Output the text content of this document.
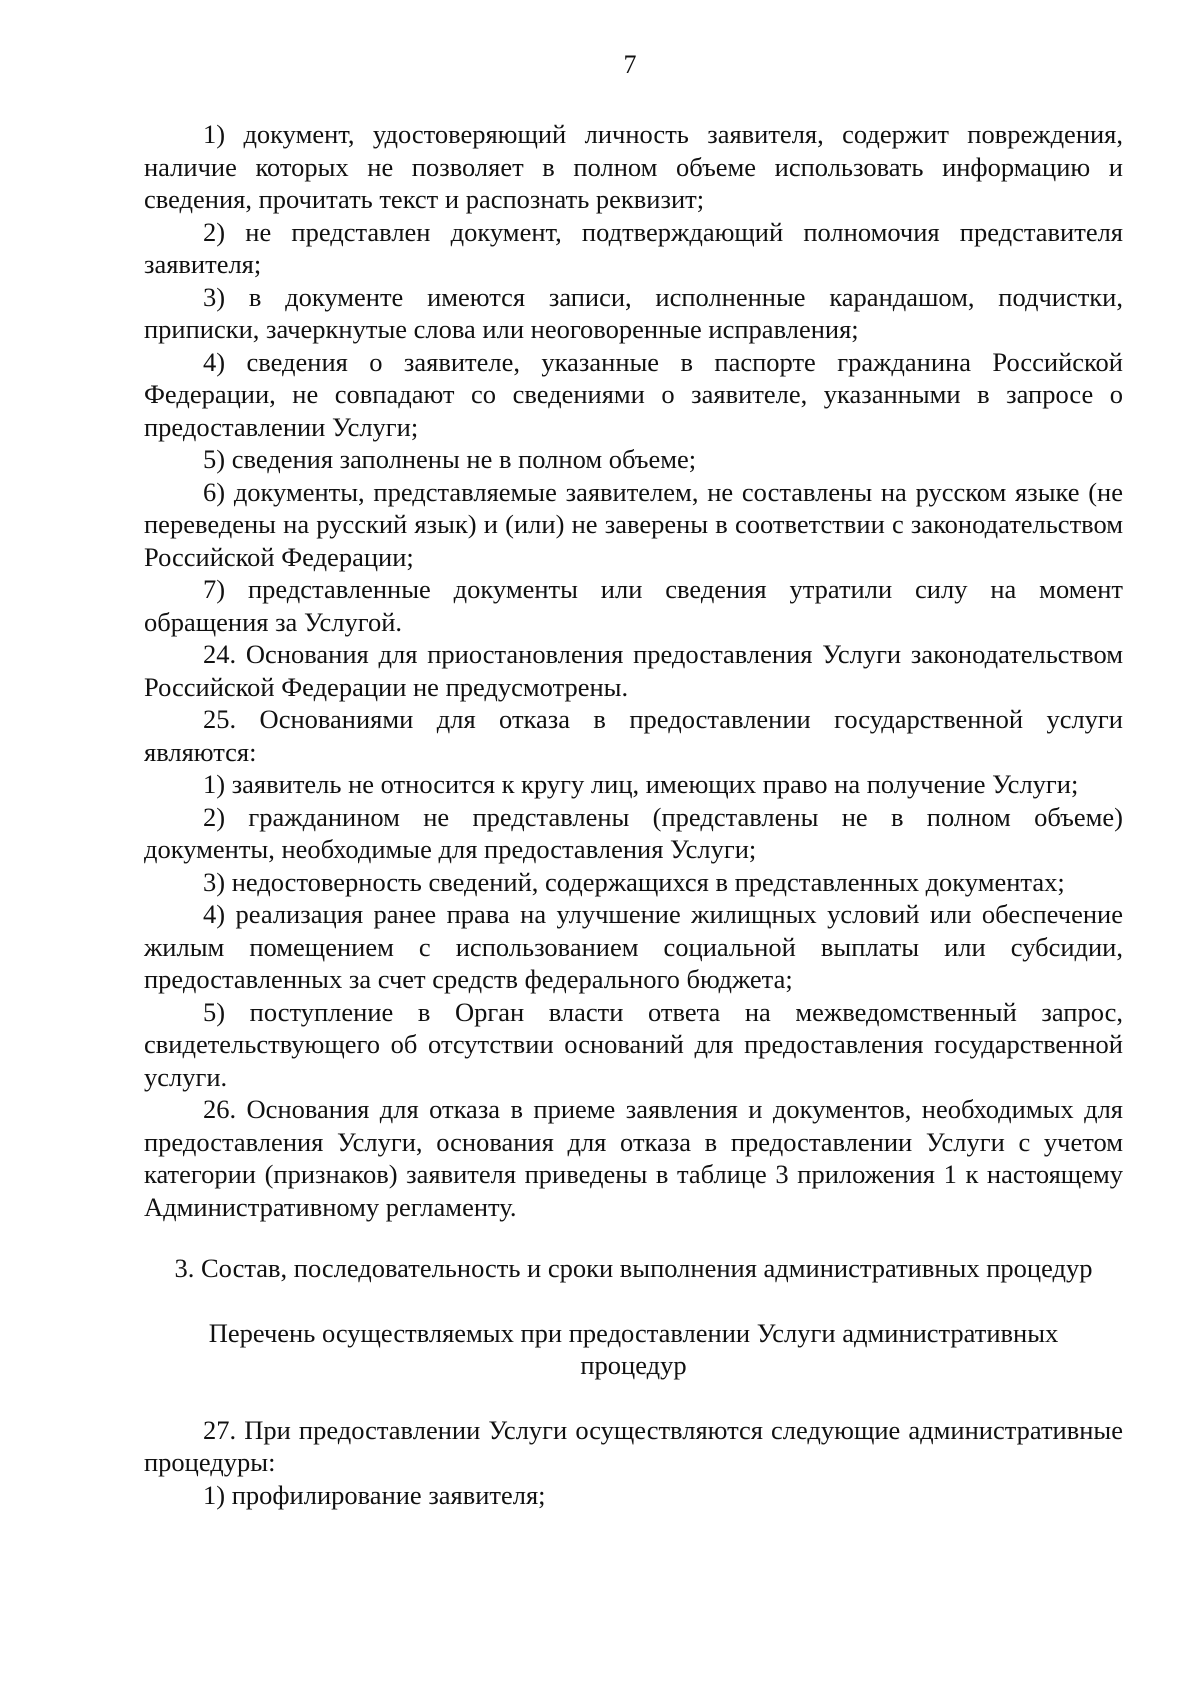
7

1) документ, удостоверяющий личность заявителя, содержит повреждения, наличие которых не позволяет в полном объеме использовать информацию и сведения, прочитать текст и распознать реквизит;

2) не представлен документ, подтверждающий полномочия представителя заявителя;

3) в документе имеются записи, исполненные карандашом, подчистки, приписки, зачеркнутые слова или неоговоренные исправления;

4) сведения о заявителе, указанные в паспорте гражданина Российской Федерации, не совпадают со сведениями о заявителе, указанными в запросе о предоставлении Услуги;

5) сведения заполнены не в полном объеме;

6) документы, представляемые заявителем, не составлены на русском языке (не переведены на русский язык) и (или) не заверены в соответствии с законодательством Российской Федерации;

7) представленные документы или сведения утратили силу на момент обращения за Услугой.

24. Основания для приостановления предоставления Услуги законодательством Российской Федерации не предусмотрены.

25. Основаниями для отказа в предоставлении государственной услуги являются:

1) заявитель не относится к кругу лиц, имеющих право на получение Услуги;

2) гражданином не представлены (представлены не в полном объеме) документы, необходимые для предоставления Услуги;

3) недостоверность сведений, содержащихся в представленных документах;

4) реализация ранее права на улучшение жилищных условий или обеспечение жилым помещением с использованием социальной выплаты или субсидии, предоставленных за счет средств федерального бюджета;

5) поступление в Орган власти ответа на межведомственный запрос, свидетельствующего об отсутствии оснований для предоставления государственной услуги.

26. Основания для отказа в приеме заявления и документов, необходимых для предоставления Услуги, основания для отказа в предоставлении Услуги с учетом категории (признаков) заявителя приведены в таблице 3 приложения 1 к настоящему Административному регламенту.

3. Состав, последовательность и сроки выполнения административных процедур

Перечень осуществляемых при предоставлении Услуги административных процедур

27. При предоставлении Услуги осуществляются следующие административные процедуры:

1) профилирование заявителя;
